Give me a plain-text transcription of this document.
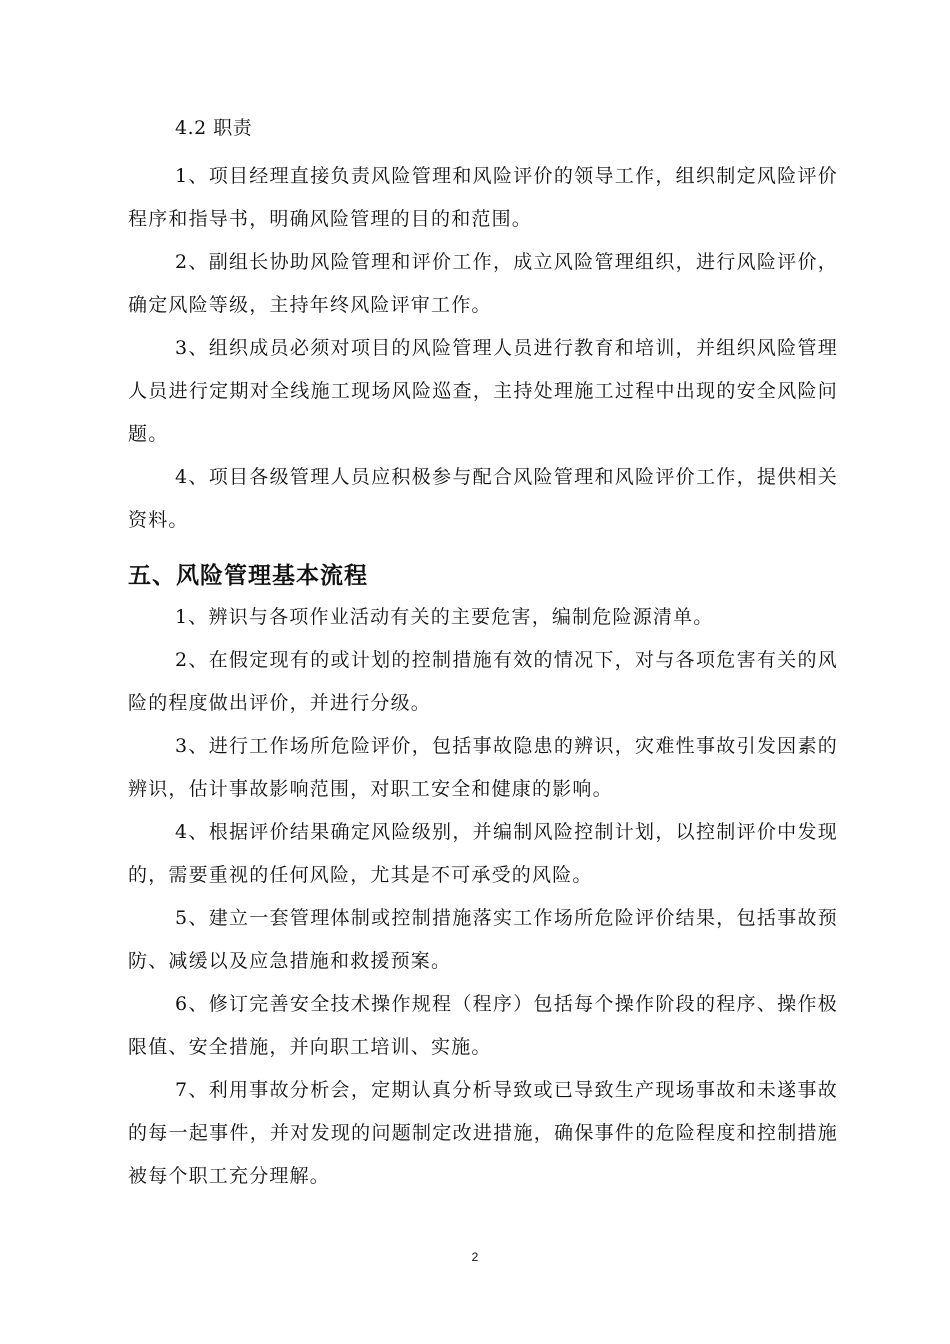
4.2 职责

1、项目经理直接负责风险管理和风险评价的领导工作，组织制定风险评价程序和指导书，明确风险管理的目的和范围。

2、副组长协助风险管理和评价工作，成立风险管理组织，进行风险评价，确定风险等级，主持年终风险评审工作。

3、组织成员必须对项目的风险管理人员进行教育和培训，并组织风险管理人员进行定期对全线施工现场风险巡查，主持处理施工过程中出现的安全风险问题。

4、项目各级管理人员应积极参与配合风险管理和风险评价工作，提供相关资料。

五、风险管理基本流程

1、辨识与各项作业活动有关的主要危害，编制危险源清单。

2、在假定现有的或计划的控制措施有效的情况下，对与各项危害有关的风险的程度做出评价，并进行分级。

3、进行工作场所危险评价，包括事故隐患的辨识，灾难性事故引发因素的辨识，估计事故影响范围，对职工安全和健康的影响。

4、根据评价结果确定风险级别，并编制风险控制计划，以控制评价中发现的，需要重视的任何风险，尤其是不可承受的风险。

5、建立一套管理体制或控制措施落实工作场所危险评价结果，包括事故预防、减缓以及应急措施和救援预案。

6、修订完善安全技术操作规程（程序）包括每个操作阶段的程序、操作极限值、安全措施，并向职工培训、实施。

7、利用事故分析会，定期认真分析导致或已导致生产现场事故和未遂事故的每一起事件，并对发现的问题制定改进措施，确保事件的危险程度和控制措施被每个职工充分理解。

2
